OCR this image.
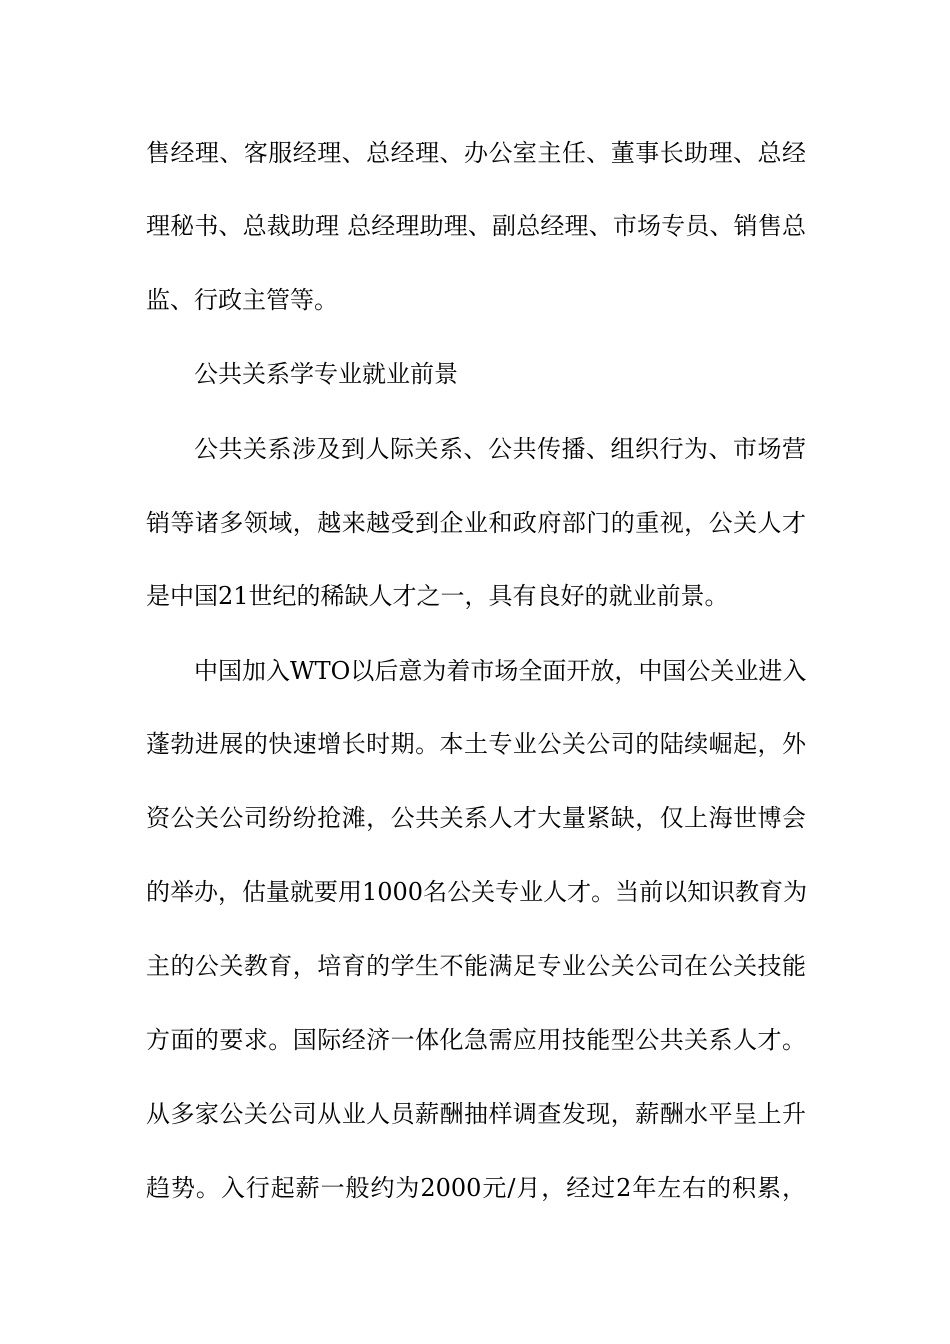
售经理、客服经理、总经理、办公室主任、董事长助理、总经
理秘书、总裁助理 总经理助理、副总经理、市场专员、销售总
监、行政主管等。
公共关系学专业就业前景
公共关系涉及到人际关系、公共传播、组织行为、市场营
销等诸多领域，越来越受到企业和政府部门的重视，公关人才
是中国21世纪的稀缺人才之一，具有良好的就业前景。
中国加入WTO以后意为着市场全面开放，中国公关业进入
蓬勃进展的快速增长时期。本土专业公关公司的陆续崛起，外
资公关公司纷纷抢滩，公共关系人才大量紧缺，仅上海世博会
的举办，估量就要用1000名公关专业人才。当前以知识教育为
主的公关教育，培育的学生不能满足专业公关公司在公关技能
方面的要求。国际经济一体化急需应用技能型公共关系人才。
从多家公关公司从业人员薪酬抽样调查发现，薪酬水平呈上升
趋势。入行起薪一般约为2000元/月，经过2年左右的积累，
